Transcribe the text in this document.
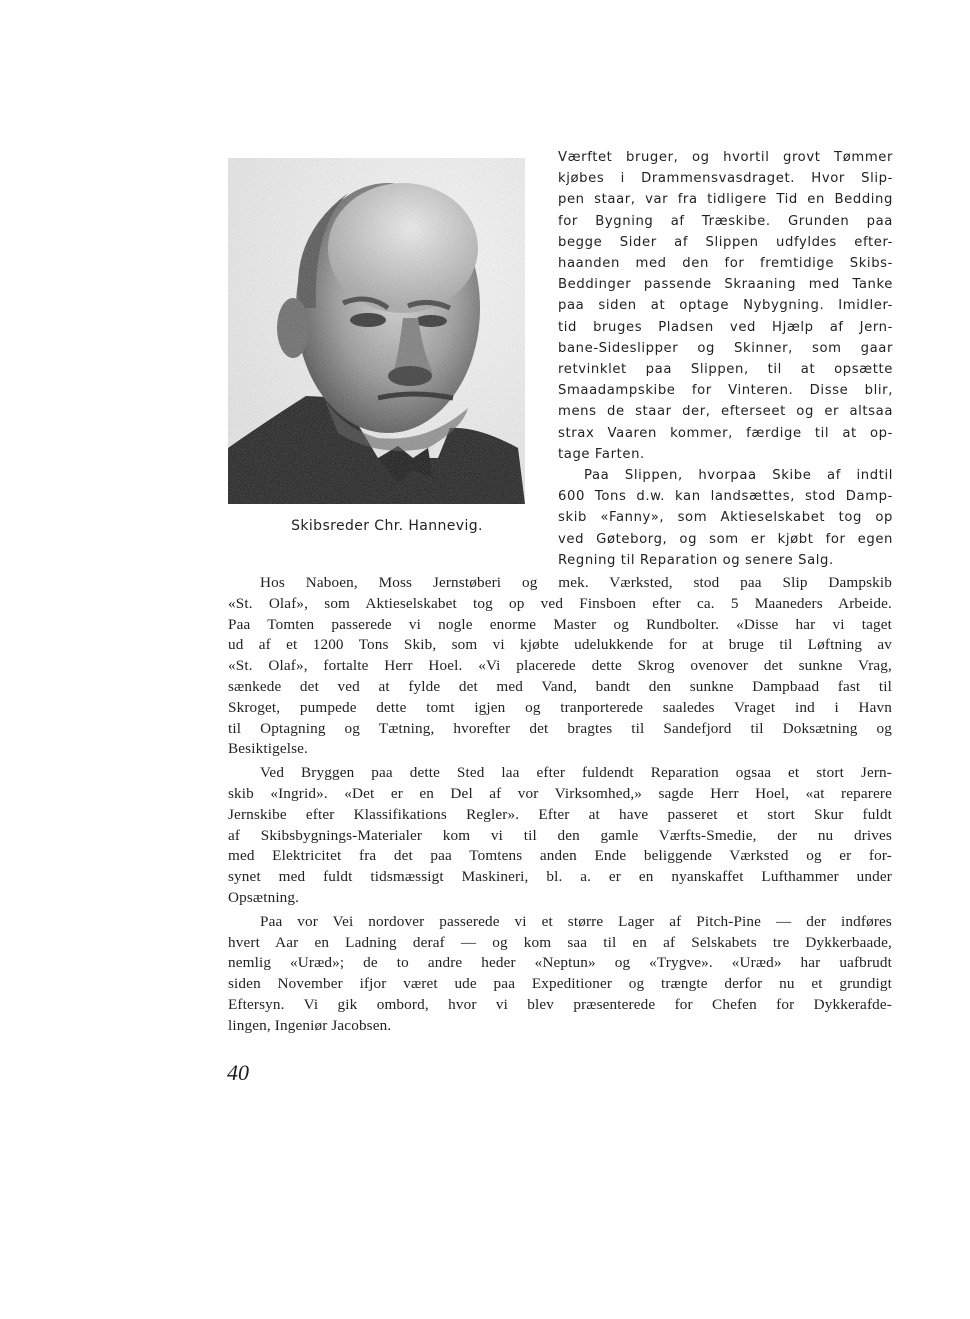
Skibsreder Chr. Hannevig.

Værftet bruger, og hvortil grovt Tømmer
kjøbes i Drammensvasdraget. Hvor Slip-
pen staar, var fra tidligere Tid en Bedding
for Bygning af Træskibe. Grunden paa
begge Sider af Slippen udfyldes efter-
haanden med den for fremtidige Skibs-
Beddinger passende Skraaning med Tanke
paa siden at optage Nybygning. Imidler-
tid bruges Pladsen ved Hjælp af Jern-
bane-Sideslipper og Skinner, som gaar
retvinklet paa Slippen, til at opsætte
Smaadampskibe for Vinteren. Disse blir,
mens de staar der, efterseet og er altsaa
strax Vaaren kommer, færdige til at op-
tage Farten.

Paa Slippen, hvorpaa Skibe af indtil
600 Tons d.w. kan landsættes, stod Damp-
skib «Fanny», som Aktieselskabet tog op
ved Gøteborg, og som er kjøbt for egen
Regning til Reparation og senere Salg.

Hos Naboen, Moss Jernstøberi og mek. Værksted, stod paa Slip Dampskib
«St. Olaf», som Aktieselskabet tog op ved Finsboen efter ca. 5 Maaneders Arbeide.
Paa Tomten passerede vi nogle enorme Master og Rundbolter. «Disse har vi taget
ud af et 1200 Tons Skib, som vi kjøbte udelukkende for at bruge til Løftning av
«St. Olaf», fortalte Herr Hoel. «Vi placerede dette Skrog ovenover det sunkne Vrag,
sænkede det ved at fylde det med Vand, bandt den sunkne Dampbaad fast til
Skroget, pumpede dette tomt igjen og tranporterede saaledes Vraget ind i Havn
til Optagning og Tætning, hvorefter det bragtes til Sandefjord til Doksætning og
Besiktigelse.

Ved Bryggen paa dette Sted laa efter fuldendt Reparation ogsaa et stort Jern-
skib «Ingrid». «Det er en Del af vor Virksomhed,» sagde Herr Hoel, «at reparere
Jernskibe efter Klassifikations Regler». Efter at have passeret et stort Skur fuldt
af Skibsbygnings-Materialer kom vi til den gamle Værfts-Smedie, der nu drives
med Elektricitet fra det paa Tomtens anden Ende beliggende Værksted og er for-
synet med fuldt tidsmæssigt Maskineri, bl. a. er en nyanskaffet Lufthammer under
Opsætning.

Paa vor Vei nordover passerede vi et større Lager af Pitch-Pine — der indføres
hvert Aar en Ladning deraf — og kom saa til en af Selskabets tre Dykkerbaade,
nemlig «Uræd»; de to andre heder «Neptun» og «Trygve». «Uræd» har uafbrudt
siden November ifjor været ude paa Expeditioner og trængte derfor nu et grundigt
Eftersyn. Vi gik ombord, hvor vi blev præsenterede for Chefen for Dykkerafde-
lingen, Ingeniør Jacobsen.

40
